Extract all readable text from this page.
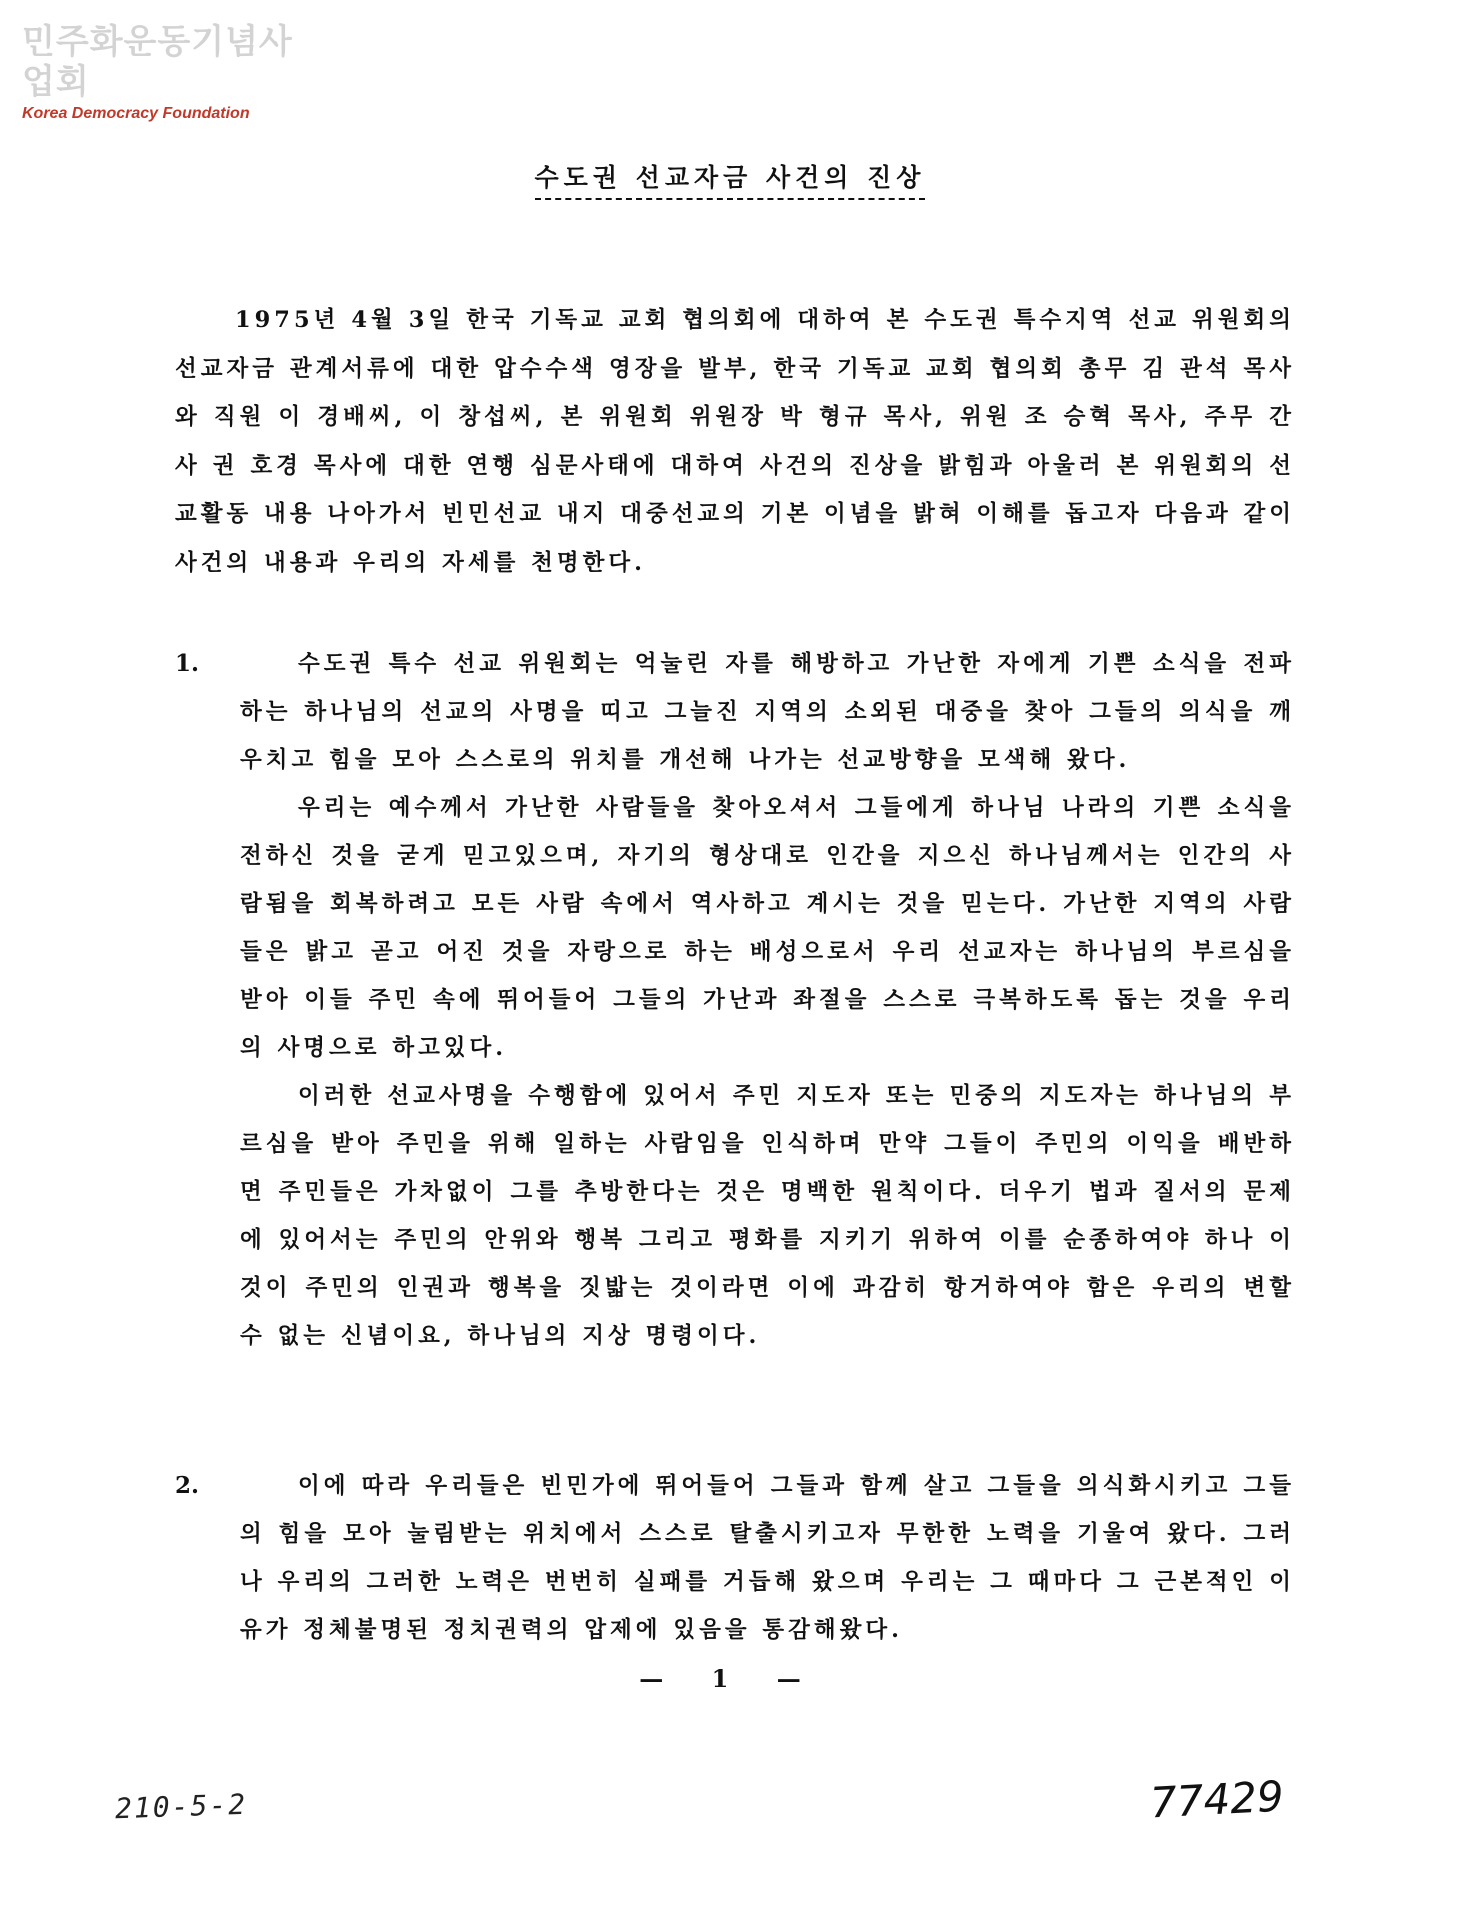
민주화운동기념사업회
Korea Democracy Foundation
수도권 선교자금 사건의 진상

1975년 4월 3일 한국 기독교 교회 협의회에 대하여 본 수도권 특수지역 선교 위원회의 선교자금 관계서류에 대한 압수수색 영장을 발부, 한국 기독교 교회 협의회 총무 김 관석 목사와 직원 이 경배씨, 이 창섭씨, 본 위원회 위원장 박 형규 목사, 위원 조 승혁 목사, 주무 간사 권 호경 목사에 대한 연행 심문사태에 대하여 사건의 진상을 밝힘과 아울러 본 위원회의 선교활동 내용 나아가서 빈민선교 내지 대중선교의 기본 이념을 밝혀 이해를 돕고자 다음과 같이 사건의 내용과 우리의 자세를 천명한다.

1.	수도권 특수 선교 위원회는 억눌린 자를 해방하고 가난한 자에게 기쁜 소식을 전파하는 하나님의 선교의 사명을 띠고 그늘진 지역의 소외된 대중을 찾아 그들의 의식을 깨우치고 힘을 모아 스스로의 위치를 개선해 나가는 선교방향을 모색해 왔다.

우리는 예수께서 가난한 사람들을 찾아오셔서 그들에게 하나님 나라의 기쁜 소식을 전하신 것을 굳게 믿고있으며, 자기의 형상대로 인간을 지으신 하나님께서는 인간의 사람됨을 회복하려고 모든 사람 속에서 역사하고 계시는 것을 믿는다. 가난한 지역의 사람들은 밝고 곧고 어진 것을 자랑으로 하는 배성으로서 우리 선교자는 하나님의 부르심을 받아 이들 주민 속에 뛰어들어 그들의 가난과 좌절을 스스로 극복하도록 돕는 것을 우리의 사명으로 하고있다.

이러한 선교사명을 수행함에 있어서 주민 지도자 또는 민중의 지도자는 하나님의 부르심을 받아 주민을 위해 일하는 사람임을 인식하며 만약 그들이 주민의 이익을 배반하면 주민들은 가차없이 그를 추방한다는 것은 명백한 원칙이다. 더우기 법과 질서의 문제에 있어서는 주민의 안위와 행복 그리고 평화를 지키기 위하여 이를 순종하여야 하나 이것이 주민의 인권과 행복을 짓밟는 것이라면 이에 과감히 항거하여야 함은 우리의 변할 수 없는 신념이요, 하나님의 지상 명령이다.

2.	이에 따라 우리들은 빈민가에 뛰어들어 그들과 함께 살고 그들을 의식화시키고 그들의 힘을 모아 눌림받는 위치에서 스스로 탈출시키고자 무한한 노력을 기울여 왔다. 그러나 우리의 그러한 노력은 번번히 실패를 거듭해 왔으며 우리는 그 때마다 그 근본적인 이유가 정체불명된 정치권력의 압제에 있음을 통감해왔다.

— 1 —
210-5-2	77429
